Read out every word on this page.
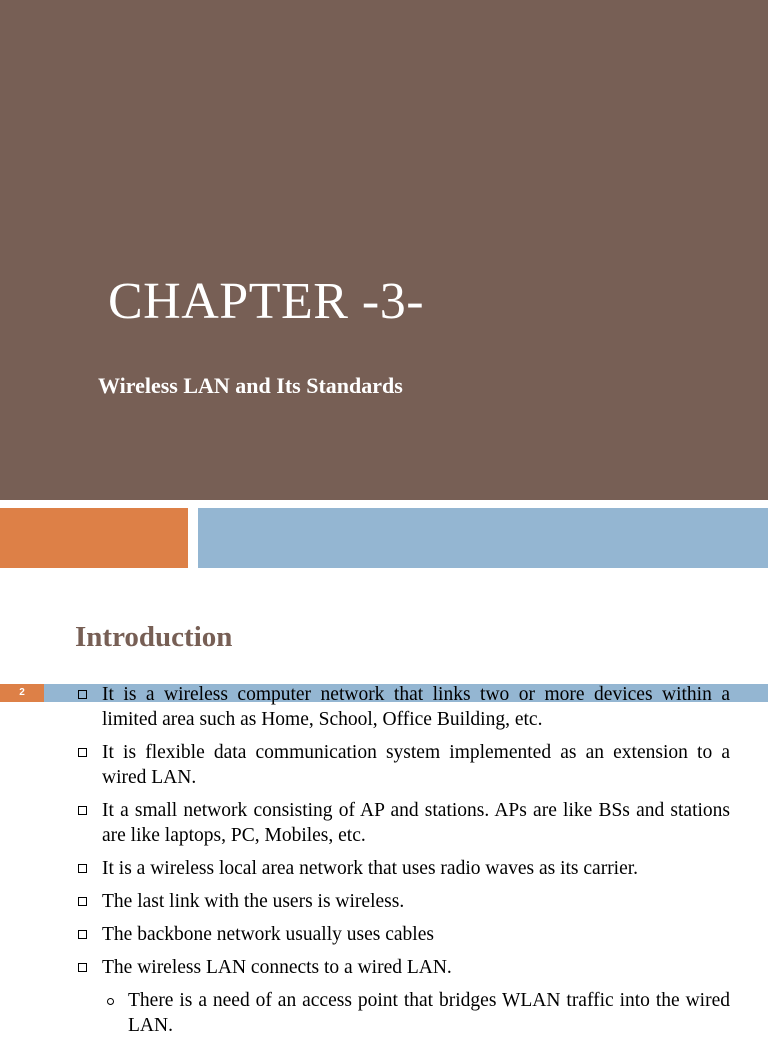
CHAPTER -3-
Wireless LAN and Its Standards
Introduction
2	It is a wireless computer network that links two or more devices within a limited area such as Home, School, Office Building, etc.
It is flexible data communication system implemented as an extension to a wired LAN.
It a small network consisting of AP and stations. APs are like BSs and stations are like laptops, PC, Mobiles, etc.
It is a wireless local area network that uses radio waves as its carrier.
The last link with the users is wireless.
The backbone network usually uses cables
The wireless LAN connects to a wired LAN.
There is a need of an access point that bridges WLAN traffic into the wired LAN.
